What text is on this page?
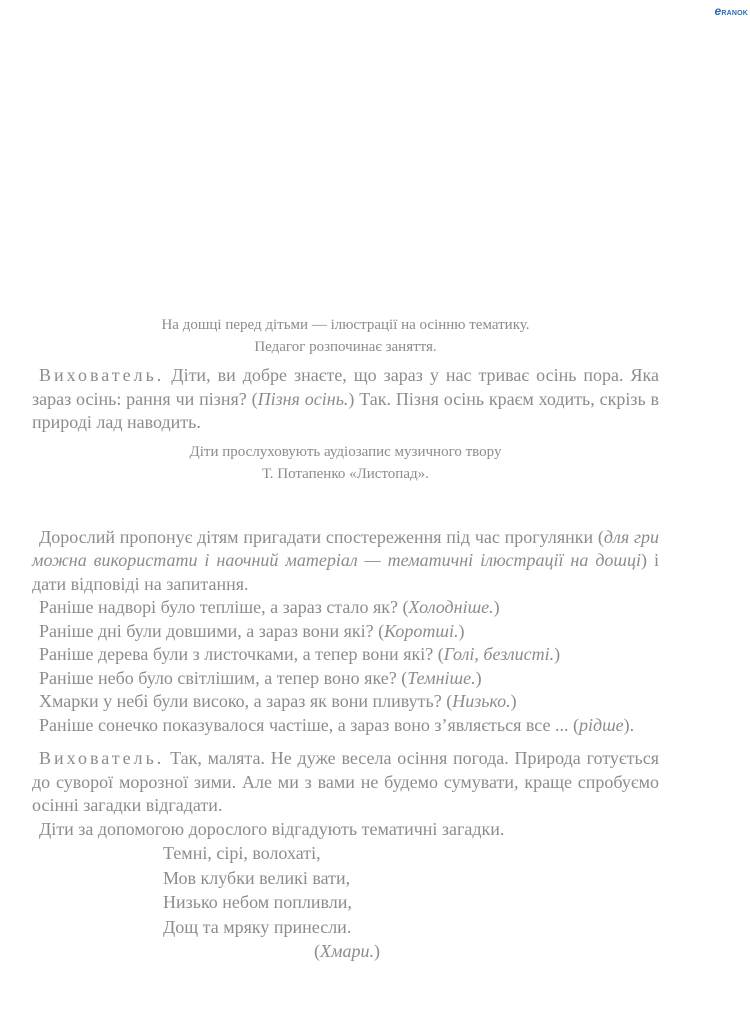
eRANOK
На дошці перед дітьми — ілюстрації на осінню тематику.
Педагог розпочинає заняття.

Вихователь. Діти, ви добре знаєте, що зараз у нас триває осінь пора. Яка зараз осінь: рання чи пізня? (Пізня осінь.) Так. Пізня осінь краєм ходить, скрізь в природі лад наводить.

Діти прослуховують аудіозапис музичного твору
Т. Потапенко «Листопад».

Дорослий пропонує дітям пригадати спостереження під час прогулянки (для гри можна використати і наочний матеріал — тематичні ілюстрації на дошці) і дати відповіді на запитання.

Раніше надворі було тепліше, а зараз стало як? (Холодніше.)

Раніше дні були довшими, а зараз вони які? (Коротші.)

Раніше дерева були з листочками, а тепер вони які? (Голі, безлисті.)

Раніше небо було світлішим, а тепер воно яке? (Темніше.)

Хмарки у небі були високо, а зараз як вони пливуть? (Низько.)

Раніше сонечко показувалося частіше, а зараз воно з’являється все ... (рідше).

Вихователь. Так, малята. Не дуже весела осіння погода. Природа готується до суворої морозної зими. Але ми з вами не будемо сумувати, краще спробуємо осінні загадки відгадати.

Діти за допомогою дорослого відгадують тематичні загадки.

Темні, сірі, волохаті,
Мов клубки великі вати,
Низько небом попливли,
Дощ та мряку принесли.
(Хмари.)
